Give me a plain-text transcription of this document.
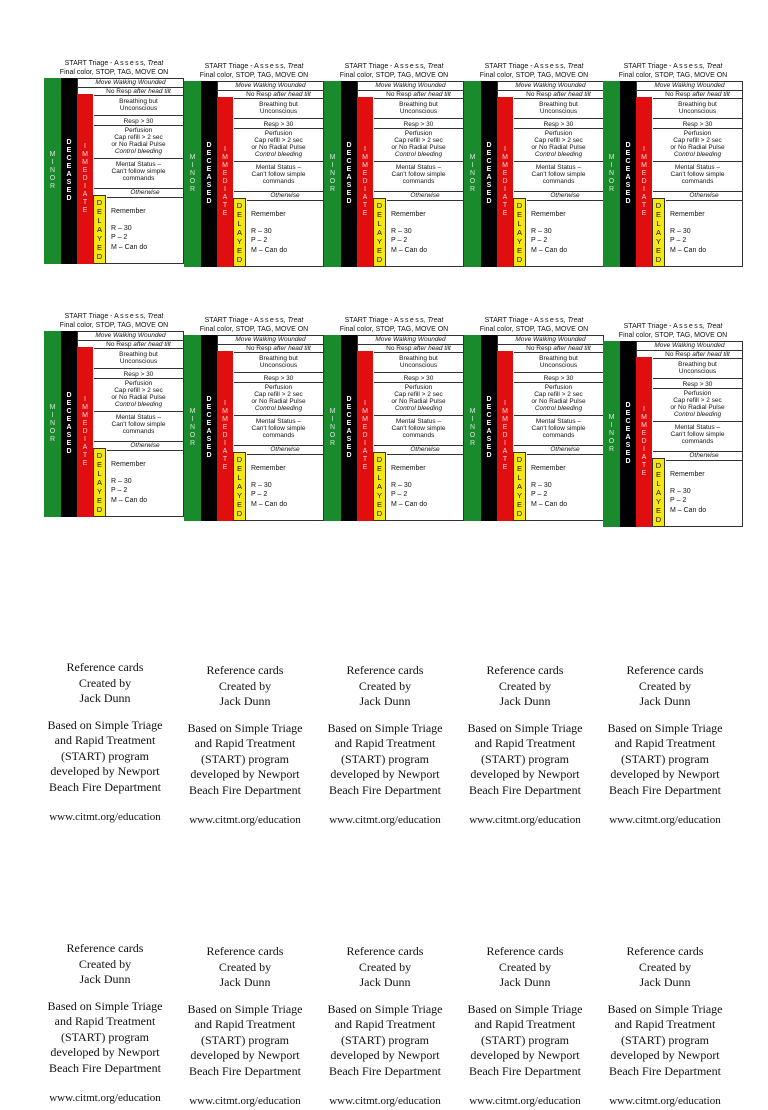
START Triage - A s s e s s, Treat
Final color, STOP, TAG, MOVE ON
Move Walking Wounded
No Resp after head tilt
Breathing but
Unconscious
Resp > 30
Perfusion
Cap refill > 2 sec
or No Radial Pulse
Control bleeding
Mental Status –
Can't follow simple
commands
Otherwise
Remember
R – 30
P – 2
M – Can do
M
I
N
O
R
D
E
C
E
A
S
E
D
I
M
M
E
D
I
A
T
E
D
E
L
A
Y
E
D
START Triage - A s s e s s, Treat
Final color, STOP, TAG, MOVE ON
Move Walking Wounded
No Resp after head tilt
Breathing but
Unconscious
Resp > 30
Perfusion
Cap refill > 2 sec
or No Radial Pulse
Control bleeding
Mental Status –
Can't follow simple
commands
Otherwise
Remember
R – 30
P – 2
M – Can do
M
I
N
O
R
D
E
C
E
A
S
E
D
I
M
M
E
D
I
A
T
E
D
E
L
A
Y
E
D
START Triage - A s s e s s, Treat
Final color, STOP, TAG, MOVE ON
Move Walking Wounded
No Resp after head tilt
Breathing but
Unconscious
Resp > 30
Perfusion
Cap refill > 2 sec
or No Radial Pulse
Control bleeding
Mental Status –
Can't follow simple
commands
Otherwise
Remember
R – 30
P – 2
M – Can do
M
I
N
O
R
D
E
C
E
A
S
E
D
I
M
M
E
D
I
A
T
E
D
E
L
A
Y
E
D
START Triage - A s s e s s, Treat
Final color, STOP, TAG, MOVE ON
Move Walking Wounded
No Resp after head tilt
Breathing but
Unconscious
Resp > 30
Perfusion
Cap refill > 2 sec
or No Radial Pulse
Control bleeding
Mental Status –
Can't follow simple
commands
Otherwise
Remember
R – 30
P – 2
M – Can do
M
I
N
O
R
D
E
C
E
A
S
E
D
I
M
M
E
D
I
A
T
E
D
E
L
A
Y
E
D
START Triage - A s s e s s, Treat
Final color, STOP, TAG, MOVE ON
Move Walking Wounded
No Resp after head tilt
Breathing but
Unconscious
Resp > 30
Perfusion
Cap refill > 2 sec
or No Radial Pulse
Control bleeding
Mental Status –
Can't follow simple
commands
Otherwise
Remember
R – 30
P – 2
M – Can do
M
I
N
O
R
D
E
C
E
A
S
E
D
I
M
M
E
D
I
A
T
E
D
E
L
A
Y
E
D
START Triage - A s s e s s, Treat
Final color, STOP, TAG, MOVE ON
Move Walking Wounded
No Resp after head tilt
Breathing but
Unconscious
Resp > 30
Perfusion
Cap refill > 2 sec
or No Radial Pulse
Control bleeding
Mental Status –
Can't follow simple
commands
Otherwise
Remember
R – 30
P – 2
M – Can do
M
I
N
O
R
D
E
C
E
A
S
E
D
I
M
M
E
D
I
A
T
E
D
E
L
A
Y
E
D
START Triage - A s s e s s, Treat
Final color, STOP, TAG, MOVE ON
Move Walking Wounded
No Resp after head tilt
Breathing but
Unconscious
Resp > 30
Perfusion
Cap refill > 2 sec
or No Radial Pulse
Control bleeding
Mental Status –
Can't follow simple
commands
Otherwise
Remember
R – 30
P – 2
M – Can do
M
I
N
O
R
D
E
C
E
A
S
E
D
I
M
M
E
D
I
A
T
E
D
E
L
A
Y
E
D
START Triage - A s s e s s, Treat
Final color, STOP, TAG, MOVE ON
Move Walking Wounded
No Resp after head tilt
Breathing but
Unconscious
Resp > 30
Perfusion
Cap refill > 2 sec
or No Radial Pulse
Control bleeding
Mental Status –
Can't follow simple
commands
Otherwise
Remember
R – 30
P – 2
M – Can do
M
I
N
O
R
D
E
C
E
A
S
E
D
I
M
M
E
D
I
A
T
E
D
E
L
A
Y
E
D
START Triage - A s s e s s, Treat
Final color, STOP, TAG, MOVE ON
Move Walking Wounded
No Resp after head tilt
Breathing but
Unconscious
Resp > 30
Perfusion
Cap refill > 2 sec
or No Radial Pulse
Control bleeding
Mental Status –
Can't follow simple
commands
Otherwise
Remember
R – 30
P – 2
M – Can do
M
I
N
O
R
D
E
C
E
A
S
E
D
I
M
M
E
D
I
A
T
E
D
E
L
A
Y
E
D
START Triage - A s s e s s, Treat
Final color, STOP, TAG, MOVE ON
Move Walking Wounded
No Resp after head tilt
Breathing but
Unconscious
Resp > 30
Perfusion
Cap refill > 2 sec
or No Radial Pulse
Control bleeding
Mental Status –
Can't follow simple
commands
Otherwise
Remember
R – 30
P – 2
M – Can do
M
I
N
O
R
D
E
C
E
A
S
E
D
I
M
M
E
D
I
A
T
E
D
E
L
A
Y
E
D
Reference cards
Created by
Jack Dunn
Based on Simple Triage
and Rapid Treatment
(START) program
developed by Newport
Beach Fire Department
www.citmt.org/education
Reference cards
Created by
Jack Dunn
Based on Simple Triage
and Rapid Treatment
(START) program
developed by Newport
Beach Fire Department
www.citmt.org/education
Reference cards
Created by
Jack Dunn
Based on Simple Triage
and Rapid Treatment
(START) program
developed by Newport
Beach Fire Department
www.citmt.org/education
Reference cards
Created by
Jack Dunn
Based on Simple Triage
and Rapid Treatment
(START) program
developed by Newport
Beach Fire Department
www.citmt.org/education
Reference cards
Created by
Jack Dunn
Based on Simple Triage
and Rapid Treatment
(START) program
developed by Newport
Beach Fire Department
www.citmt.org/education
Reference cards
Created by
Jack Dunn
Based on Simple Triage
and Rapid Treatment
(START) program
developed by Newport
Beach Fire Department
www.citmt.org/education
Reference cards
Created by
Jack Dunn
Based on Simple Triage
and Rapid Treatment
(START) program
developed by Newport
Beach Fire Department
www.citmt.org/education
Reference cards
Created by
Jack Dunn
Based on Simple Triage
and Rapid Treatment
(START) program
developed by Newport
Beach Fire Department
www.citmt.org/education
Reference cards
Created by
Jack Dunn
Based on Simple Triage
and Rapid Treatment
(START) program
developed by Newport
Beach Fire Department
www.citmt.org/education
Reference cards
Created by
Jack Dunn
Based on Simple Triage
and Rapid Treatment
(START) program
developed by Newport
Beach Fire Department
www.citmt.org/education
